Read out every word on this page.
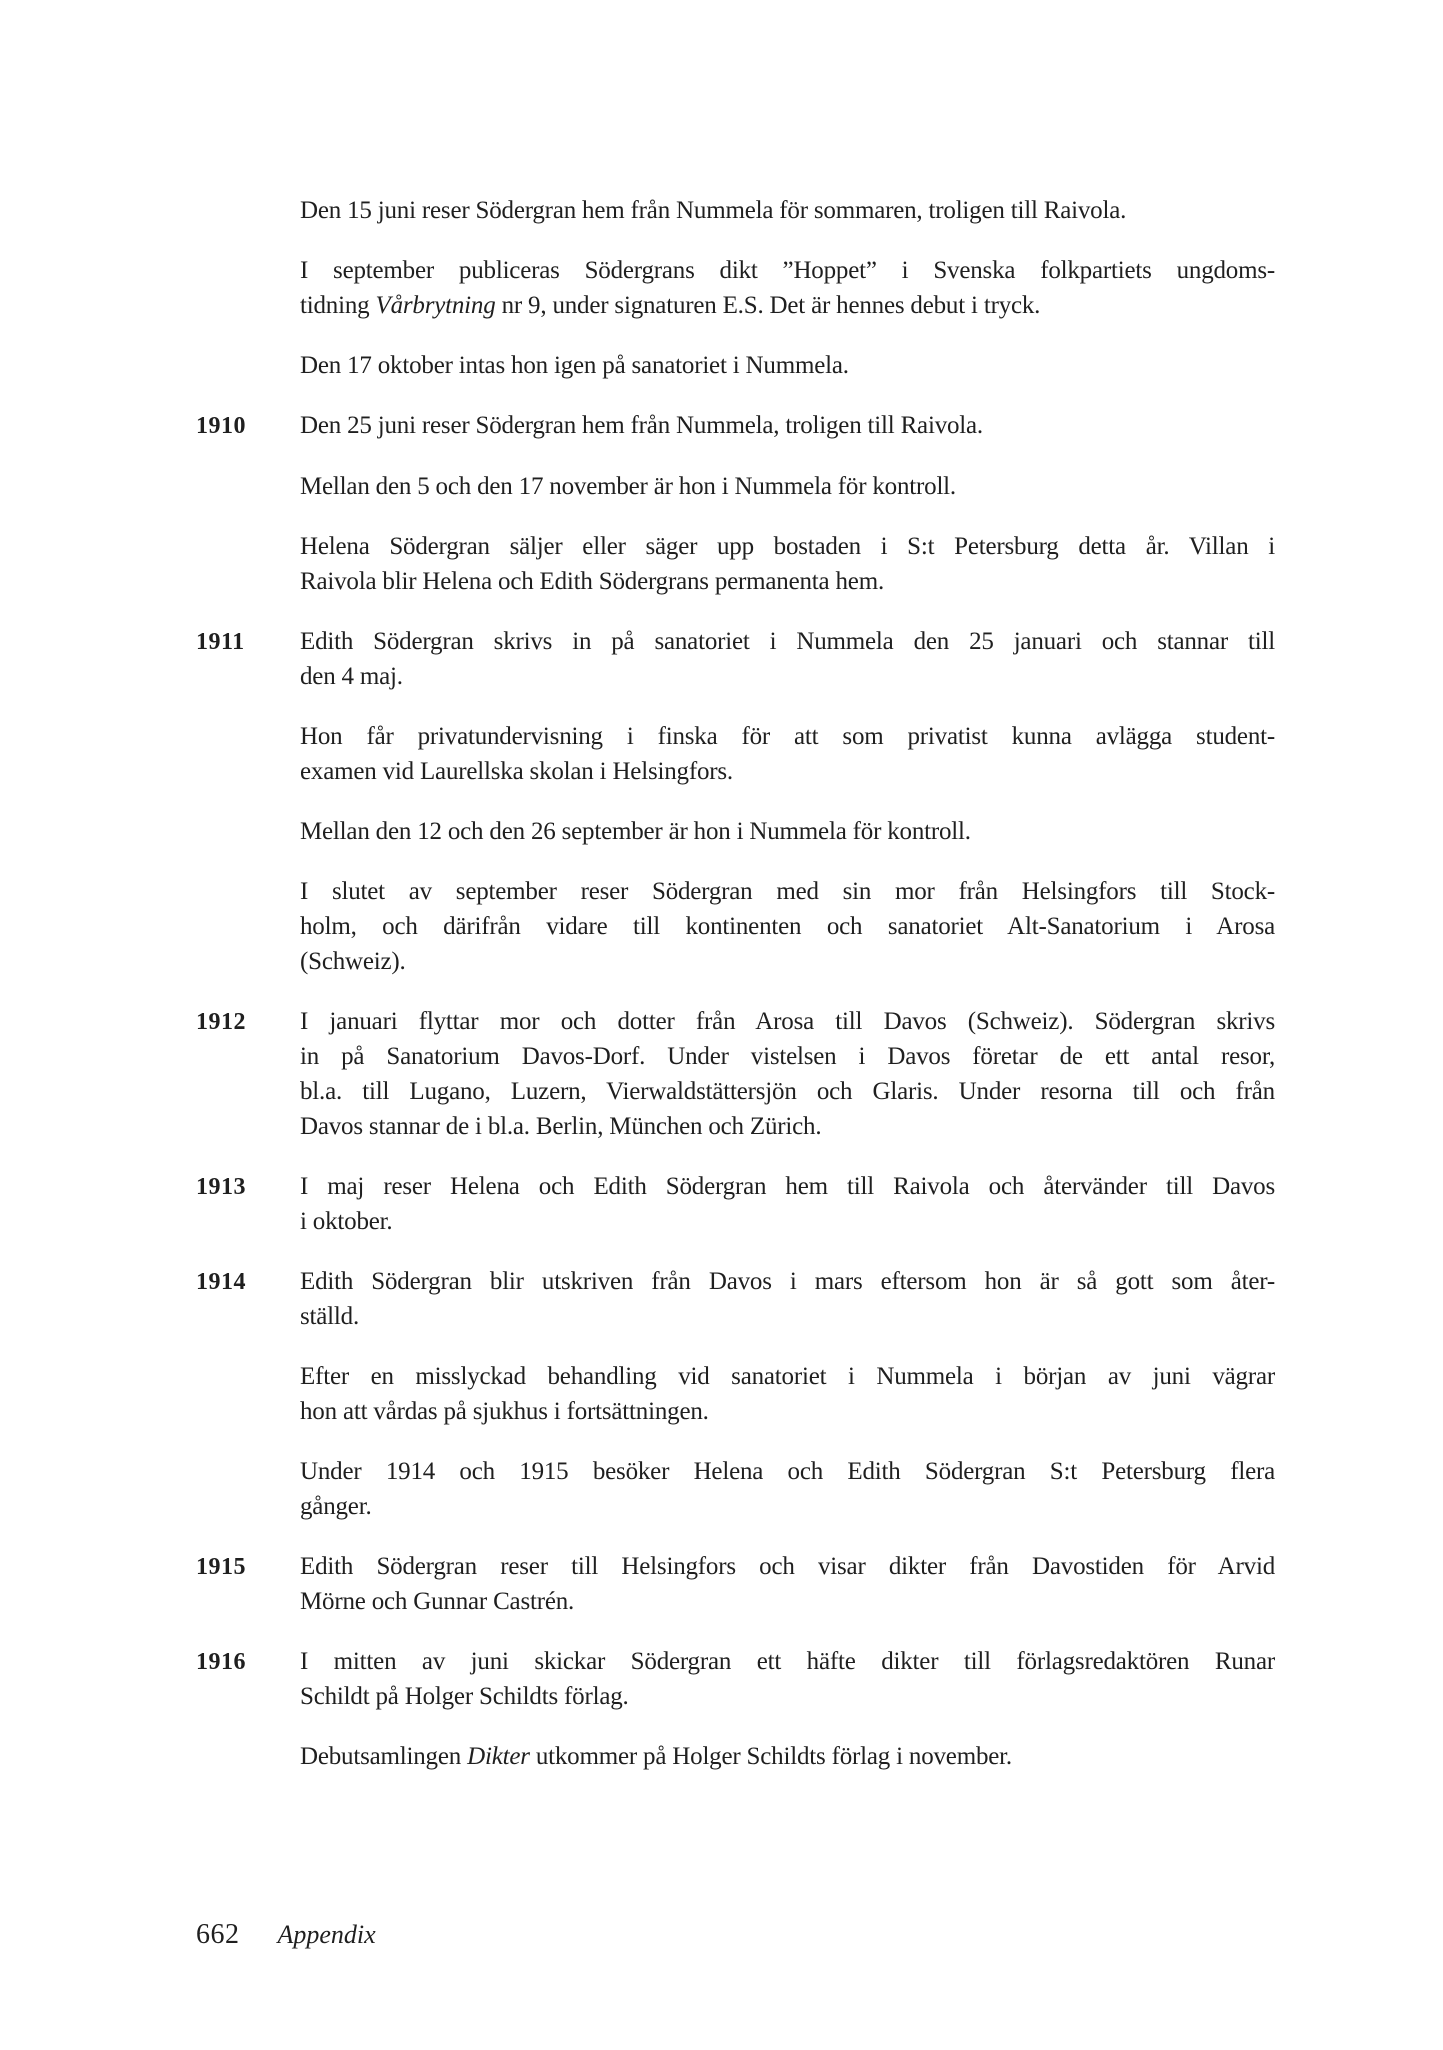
Den 15 juni reser Södergran hem från Nummela för sommaren, troligen till Raivola.
I september publiceras Södergrans dikt ”Hoppet” i Svenska folkpartiets ungdoms-
tidning Vårbrytning nr 9, under signaturen E.S. Det är hennes debut i tryck.
Den 17 oktober intas hon igen på sanatoriet i Nummela.
1910	Den 25 juni reser Södergran hem från Nummela, troligen till Raivola.
Mellan den 5 och den 17 november är hon i Nummela för kontroll.
Helena Södergran säljer eller säger upp bostaden i S:t Petersburg detta år. Villan i
Raivola blir Helena och Edith Södergrans permanenta hem.
1911	Edith Södergran skrivs in på sanatoriet i Nummela den 25 januari och stannar till
den 4 maj.
Hon får privatundervisning i finska för att som privatist kunna avlägga student-
examen vid Laurellska skolan i Helsingfors.
Mellan den 12 och den 26 september är hon i Nummela för kontroll.
I slutet av september reser Södergran med sin mor från Helsingfors till Stock-
holm, och därifrån vidare till kontinenten och sanatoriet Alt-Sanatorium i Arosa
(Schweiz).
1912	I januari flyttar mor och dotter från Arosa till Davos (Schweiz). Södergran skrivs
in på Sanatorium Davos-Dorf. Under vistelsen i Davos företar de ett antal resor,
bl.a. till Lugano, Luzern, Vierwaldstättersjön och Glaris. Under resorna till och från
Davos stannar de i bl.a. Berlin, München och Zürich.
1913	I maj reser Helena och Edith Södergran hem till Raivola och återvänder till Davos
i oktober.
1914	Edith Södergran blir utskriven från Davos i mars eftersom hon är så gott som åter-
ställd.
Efter en misslyckad behandling vid sanatoriet i Nummela i början av juni vägrar
hon att vårdas på sjukhus i fortsättningen.
Under 1914 och 1915 besöker Helena och Edith Södergran S:t Petersburg flera
gånger.
1915	Edith Södergran reser till Helsingfors och visar dikter från Davostiden för Arvid
Mörne och Gunnar Castrén.
1916	I mitten av juni skickar Södergran ett häfte dikter till förlagsredaktören Runar
Schildt på Holger Schildts förlag.
Debutsamlingen Dikter utkommer på Holger Schildts förlag i november.
662 Appendix
